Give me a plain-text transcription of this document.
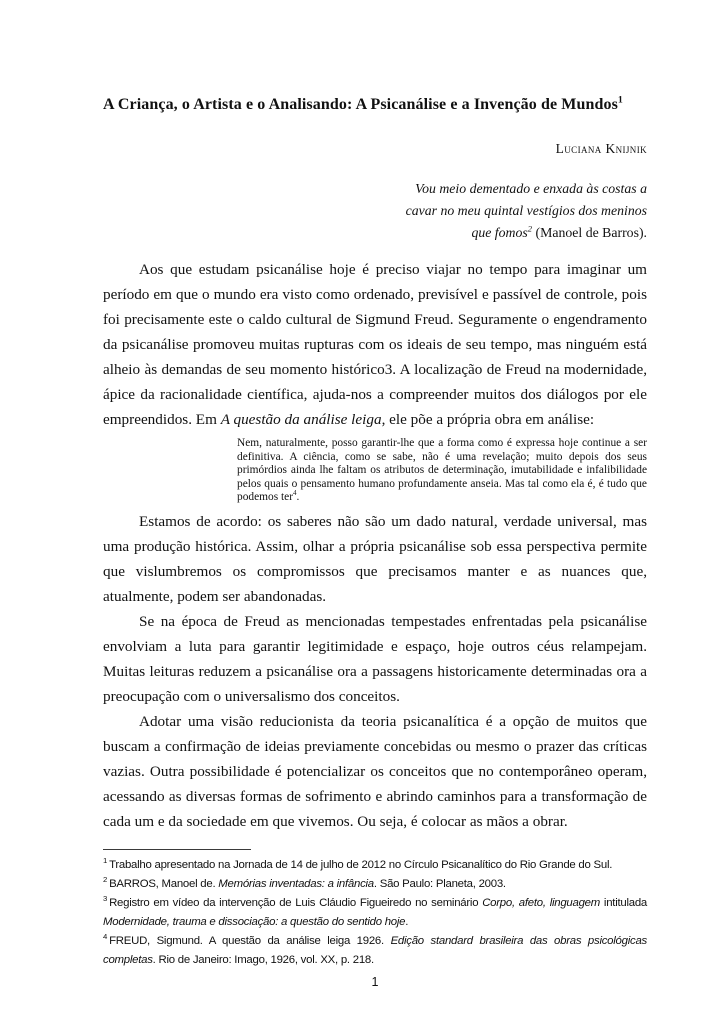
A Criança, o Artista e o Analisando: A Psicanálise e a Invenção de Mundos$^1$
Luciana Knijnik
Vou meio dementado e enxada às costas a
cavar no meu quintal vestígios dos meninos
que fomos$^2$ (Manoel de Barros).

Aos que estudam psicanálise hoje é preciso viajar no tempo para imaginar um período em que o mundo era visto como ordenado, previsível e passível de controle, pois foi precisamente este o caldo cultural de Sigmund Freud. Seguramente o engendramento da psicanálise promoveu muitas rupturas com os ideais de seu tempo, mas ninguém está alheio às demandas de seu momento histórico3. A localização de Freud na modernidade, ápice da racionalidade científica, ajuda-nos a compreender muitos dos diálogos por ele empreendidos. Em A questão da análise leiga, ele põe a própria obra em análise:

Nem, naturalmente, posso garantir-lhe que a forma como é expressa hoje continue a ser definitiva. A ciência, como se sabe, não é uma revelação; muito depois dos seus primórdios ainda lhe faltam os atributos de determinação, imutabilidade e infalibilidade pelos quais o pensamento humano profundamente anseia. Mas tal como ela é, é tudo que podemos ter$^4$.

Estamos de acordo: os saberes não são um dado natural, verdade universal, mas uma produção histórica. Assim, olhar a própria psicanálise sob essa perspectiva permite que vislumbremos os compromissos que precisamos manter e as nuances que, atualmente, podem ser abandonadas.

Se na época de Freud as mencionadas tempestades enfrentadas pela psicanálise envolviam a luta para garantir legitimidade e espaço, hoje outros céus relampejam. Muitas leituras reduzem a psicanálise ora a passagens historicamente determinadas ora a preocupação com o universalismo dos conceitos.

Adotar uma visão reducionista da teoria psicanalítica é a opção de muitos que buscam a confirmação de ideias previamente concebidas ou mesmo o prazer das críticas vazias. Outra possibilidade é potencializar os conceitos que no contemporâneo operam, acessando as diversas formas de sofrimento e abrindo caminhos para a transformação de cada um e da sociedade em que vivemos. Ou seja, é colocar as mãos a obrar.

$^1$ Trabalho apresentado na Jornada de 14 de julho de 2012 no Círculo Psicanalítico do Rio Grande do Sul.
$^2$ BARROS, Manoel de. Memórias inventadas: a infância. São Paulo: Planeta, 2003.
$^3$ Registro em vídeo da intervenção de Luis Cláudio Figueiredo no seminário Corpo, afeto, linguagem intitulada Modernidade, trauma e dissociação: a questão do sentido hoje.
$^4$ FREUD, Sigmund. A questão da análise leiga 1926. Edição standard brasileira das obras psicológicas completas. Rio de Janeiro: Imago, 1926, vol. XX, p. 218.
1
